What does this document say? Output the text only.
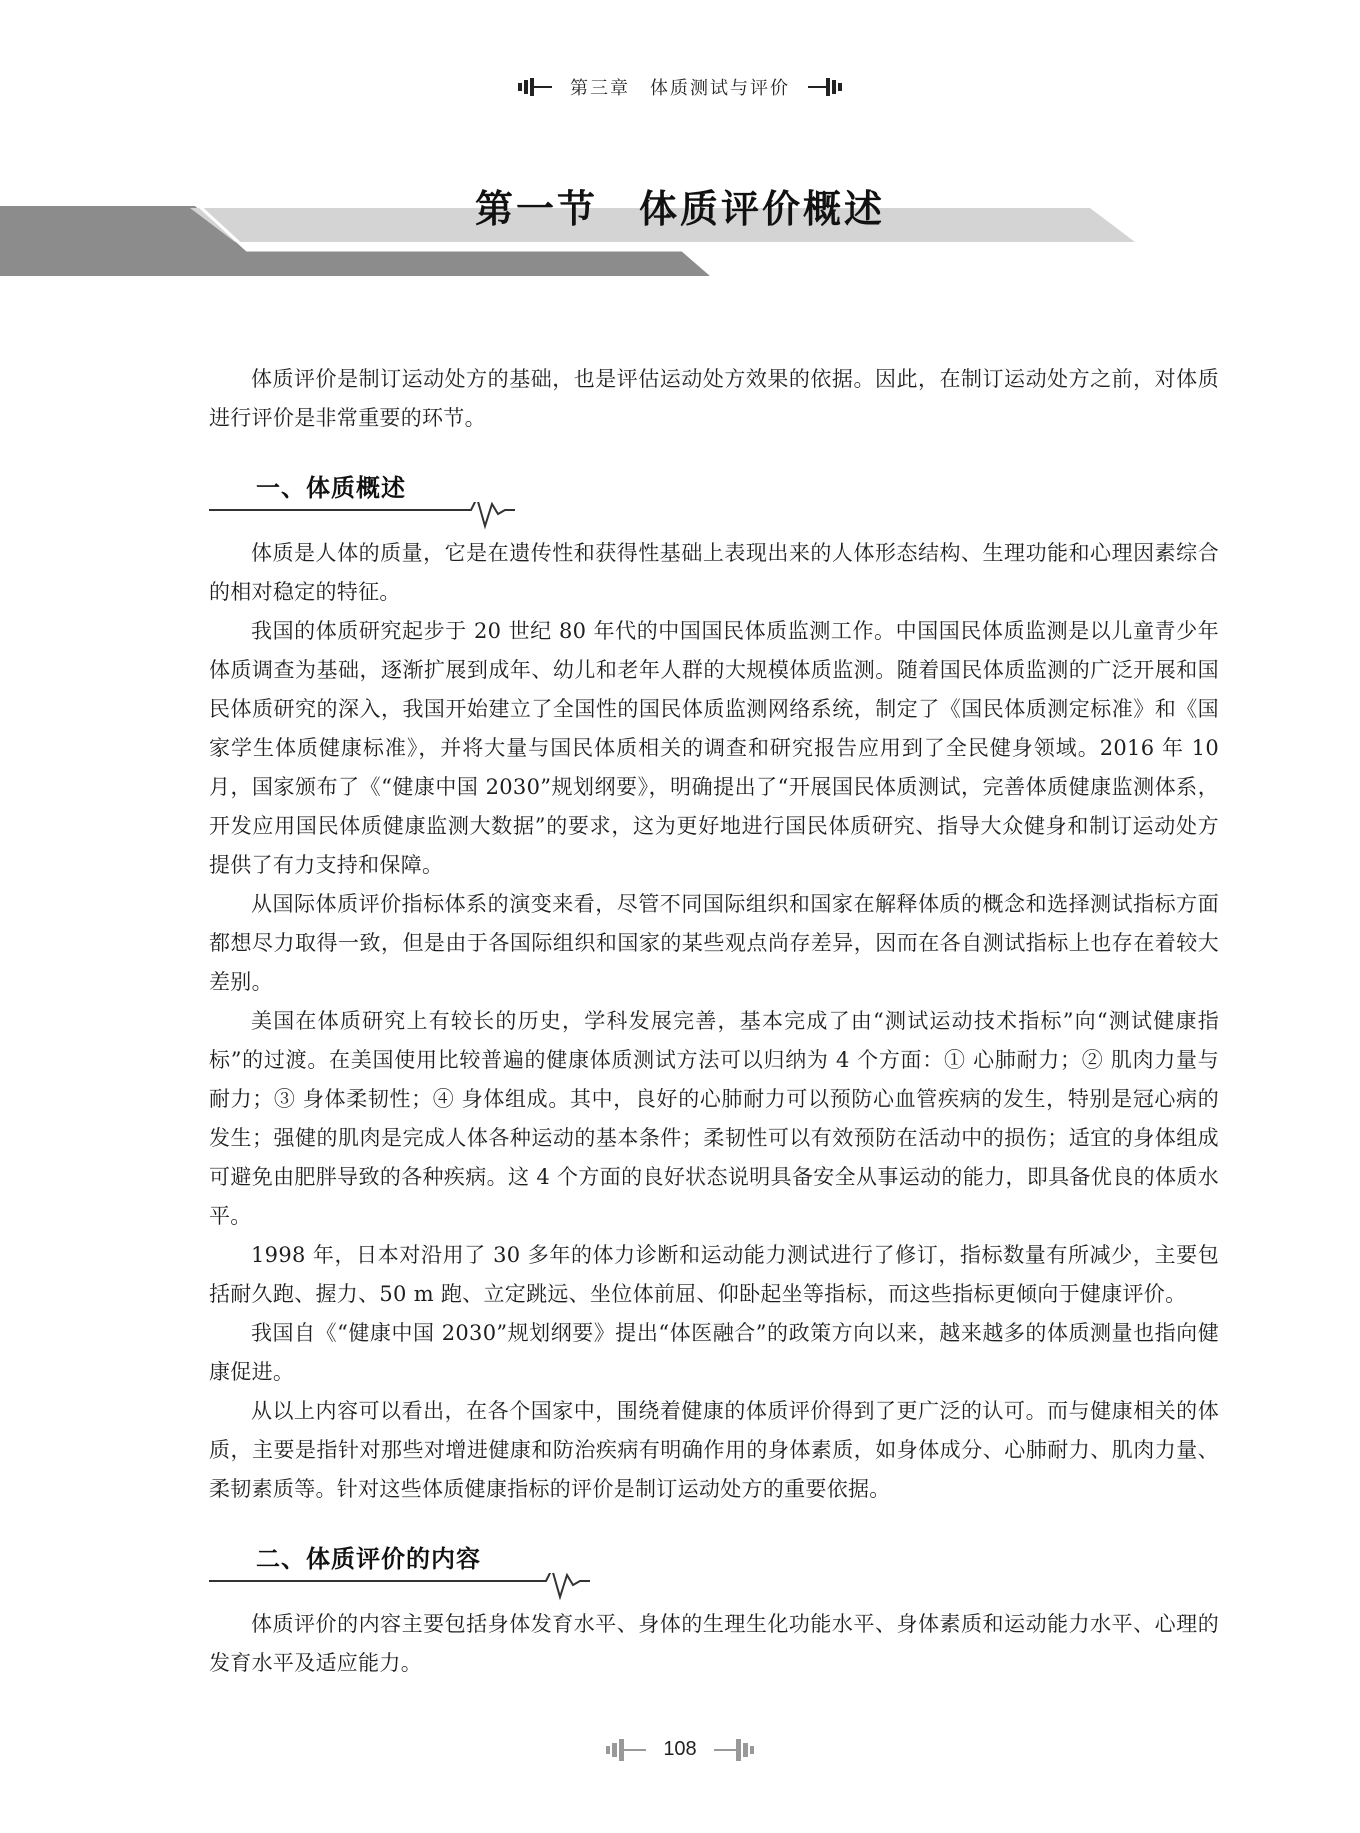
第三章　体质测试与评价
第一节　体质评价概述

体质评价是制订运动处方的基础，也是评估运动处方效果的依据。因此，在制订运动处方之前，对体质进行评价是非常重要的环节。

一、体质概述

体质是人体的质量，它是在遗传性和获得性基础上表现出来的人体形态结构、生理功能和心理因素综合的相对稳定的特征。

我国的体质研究起步于 20 世纪 80 年代的中国国民体质监测工作。中国国民体质监测是以儿童青少年体质调查为基础，逐渐扩展到成年、幼儿和老年人群的大规模体质监测。随着国民体质监测的广泛开展和国民体质研究的深入，我国开始建立了全国性的国民体质监测网络系统，制定了《国民体质测定标准》和《国家学生体质健康标准》，并将大量与国民体质相关的调查和研究报告应用到了全民健身领域。2016 年 10 月，国家颁布了《“健康中国 2030”规划纲要》，明确提出了“开展国民体质测试，完善体质健康监测体系，开发应用国民体质健康监测大数据”的要求，这为更好地进行国民体质研究、指导大众健身和制订运动处方提供了有力支持和保障。

从国际体质评价指标体系的演变来看，尽管不同国际组织和国家在解释体质的概念和选择测试指标方面都想尽力取得一致，但是由于各国际组织和国家的某些观点尚存差异，因而在各自测试指标上也存在着较大差别。

美国在体质研究上有较长的历史，学科发展完善，基本完成了由“测试运动技术指标”向“测试健康指标”的过渡。在美国使用比较普遍的健康体质测试方法可以归纳为 4 个方面：① 心肺耐力；② 肌肉力量与耐力；③ 身体柔韧性；④ 身体组成。其中，良好的心肺耐力可以预防心血管疾病的发生，特别是冠心病的发生；强健的肌肉是完成人体各种运动的基本条件；柔韧性可以有效预防在活动中的损伤；适宜的身体组成可避免由肥胖导致的各种疾病。这 4 个方面的良好状态说明具备安全从事运动的能力，即具备优良的体质水平。

1998 年，日本对沿用了 30 多年的体力诊断和运动能力测试进行了修订，指标数量有所减少，主要包括耐久跑、握力、50 m 跑、立定跳远、坐位体前屈、仰卧起坐等指标，而这些指标更倾向于健康评价。

我国自《“健康中国 2030”规划纲要》提出“体医融合”的政策方向以来，越来越多的体质测量也指向健康促进。

从以上内容可以看出，在各个国家中，围绕着健康的体质评价得到了更广泛的认可。而与健康相关的体质，主要是指针对那些对增进健康和防治疾病有明确作用的身体素质，如身体成分、心肺耐力、肌肉力量、柔韧素质等。针对这些体质健康指标的评价是制订运动处方的重要依据。

二、体质评价的内容

体质评价的内容主要包括身体发育水平、身体的生理生化功能水平、身体素质和运动能力水平、心理的发育水平及适应能力。

108
